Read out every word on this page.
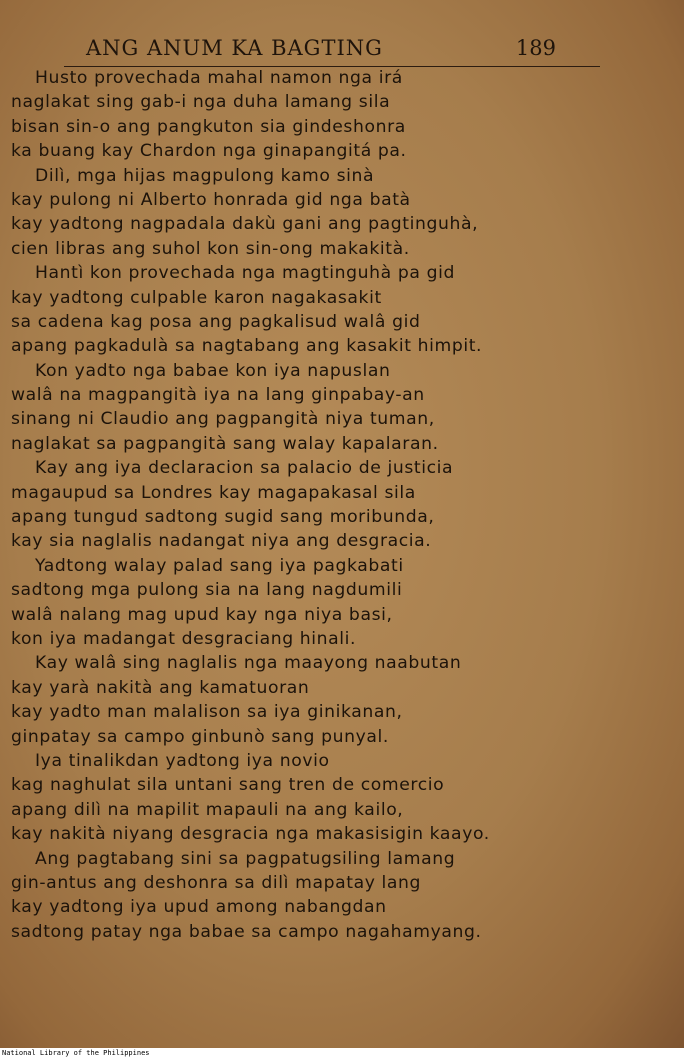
ANG ANUM KA BAGTING	189
Husto provechada mahal namon nga irá
naglakat sing gab-i nga duha lamang sila
bisan sin-o ang pangkuton sia gindeshonra
ka buang kay Chardon nga ginapangitá pa.
Dilì, mga hijas magpulong kamo sinà
kay pulong ni Alberto honrada gid nga batà
kay yadtong nagpadala dakù gani ang pagtinguhà,
cien libras ang suhol kon sin-ong makakità.
Hantì kon provechada nga magtinguhà pa gid
kay yadtong culpable karon nagakasakit
sa cadena kag posa ang pagkalisud walâ gid
apang pagkadulà sa nagtabang ang kasakit himpit.
Kon yadto nga babae kon iya napuslan
walâ na magpangità iya na lang ginpabay-an
sinang ni Claudio ang pagpangità niya tuman,
naglakat sa pagpangità sang walay kapalaran.
Kay ang iya declaracion sa palacio de justicia
magaupud sa Londres kay magapakasal sila
apang tungud sadtong sugid sang moribunda,
kay sia naglalis nadangat niya ang desgracia.
Yadtong walay palad sang iya pagkabati
sadtong mga pulong sia na lang nagdumili
walâ nalang mag upud kay nga niya basi,
kon iya madangat desgraciang hinali.
Kay walâ sing naglalis nga maayong naabutan
kay yarà nakità ang kamatuoran
kay yadto man malalison sa iya ginikanan,
ginpatay sa campo ginbunò sang punyal.
Iya tinalikdan yadtong iya novio
kag naghulat sila untani sang tren de comercio
apang dilì na mapilit mapauli na ang kailo,
kay nakità niyang desgracia nga makasisigin kaayo.
Ang pagtabang sini sa pagpatugsiling lamang
gin-antus ang deshonra sa dilì mapatay lang
kay yadtong iya upud among nabangdan
sadtong patay nga babae sa campo nagahamyang.
National Library of the Philippines
